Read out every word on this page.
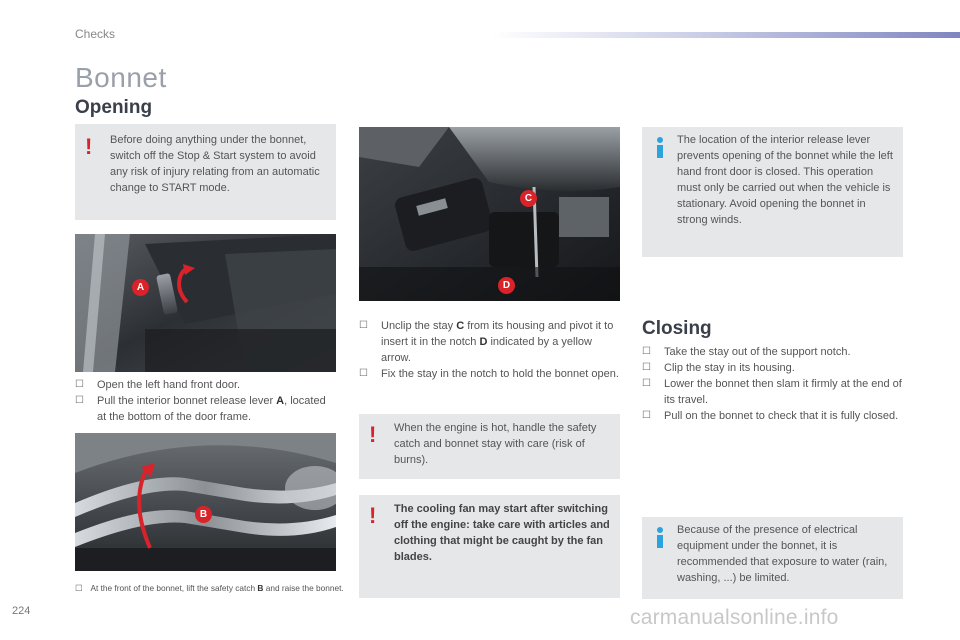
Checks
Bonnet
Opening
! Before doing anything under the bonnet, switch off the Stop & Start system to avoid any risk of injury relating from an automatic change to START mode.
A
☐ Open the left hand front door.
☐ Pull the interior bonnet release lever A, located at the bottom of the door frame.
B
☐ At the front of the bonnet, lift the safety catch B and raise the bonnet.
C
D
☐ Unclip the stay C from its housing and pivot it to insert it in the notch D indicated by a yellow arrow.
☐ Fix the stay in the notch to hold the bonnet open.
! When the engine is hot, handle the safety catch and bonnet stay with care (risk of burns).
! The cooling fan may start after switching off the engine: take care with articles and clothing that might be caught by the fan blades.
The location of the interior release lever prevents opening of the bonnet while the left hand front door is closed. This operation must only be carried out when the vehicle is stationary. Avoid opening the bonnet in strong winds.
Closing
☐ Take the stay out of the support notch.
☐ Clip the stay in its housing.
☐ Lower the bonnet then slam it firmly at the end of its travel.
☐ Pull on the bonnet to check that it is fully closed.
Because of the presence of electrical equipment under the bonnet, it is recommended that exposure to water (rain, washing, ...) be limited.
224	carmanualsonline.info
